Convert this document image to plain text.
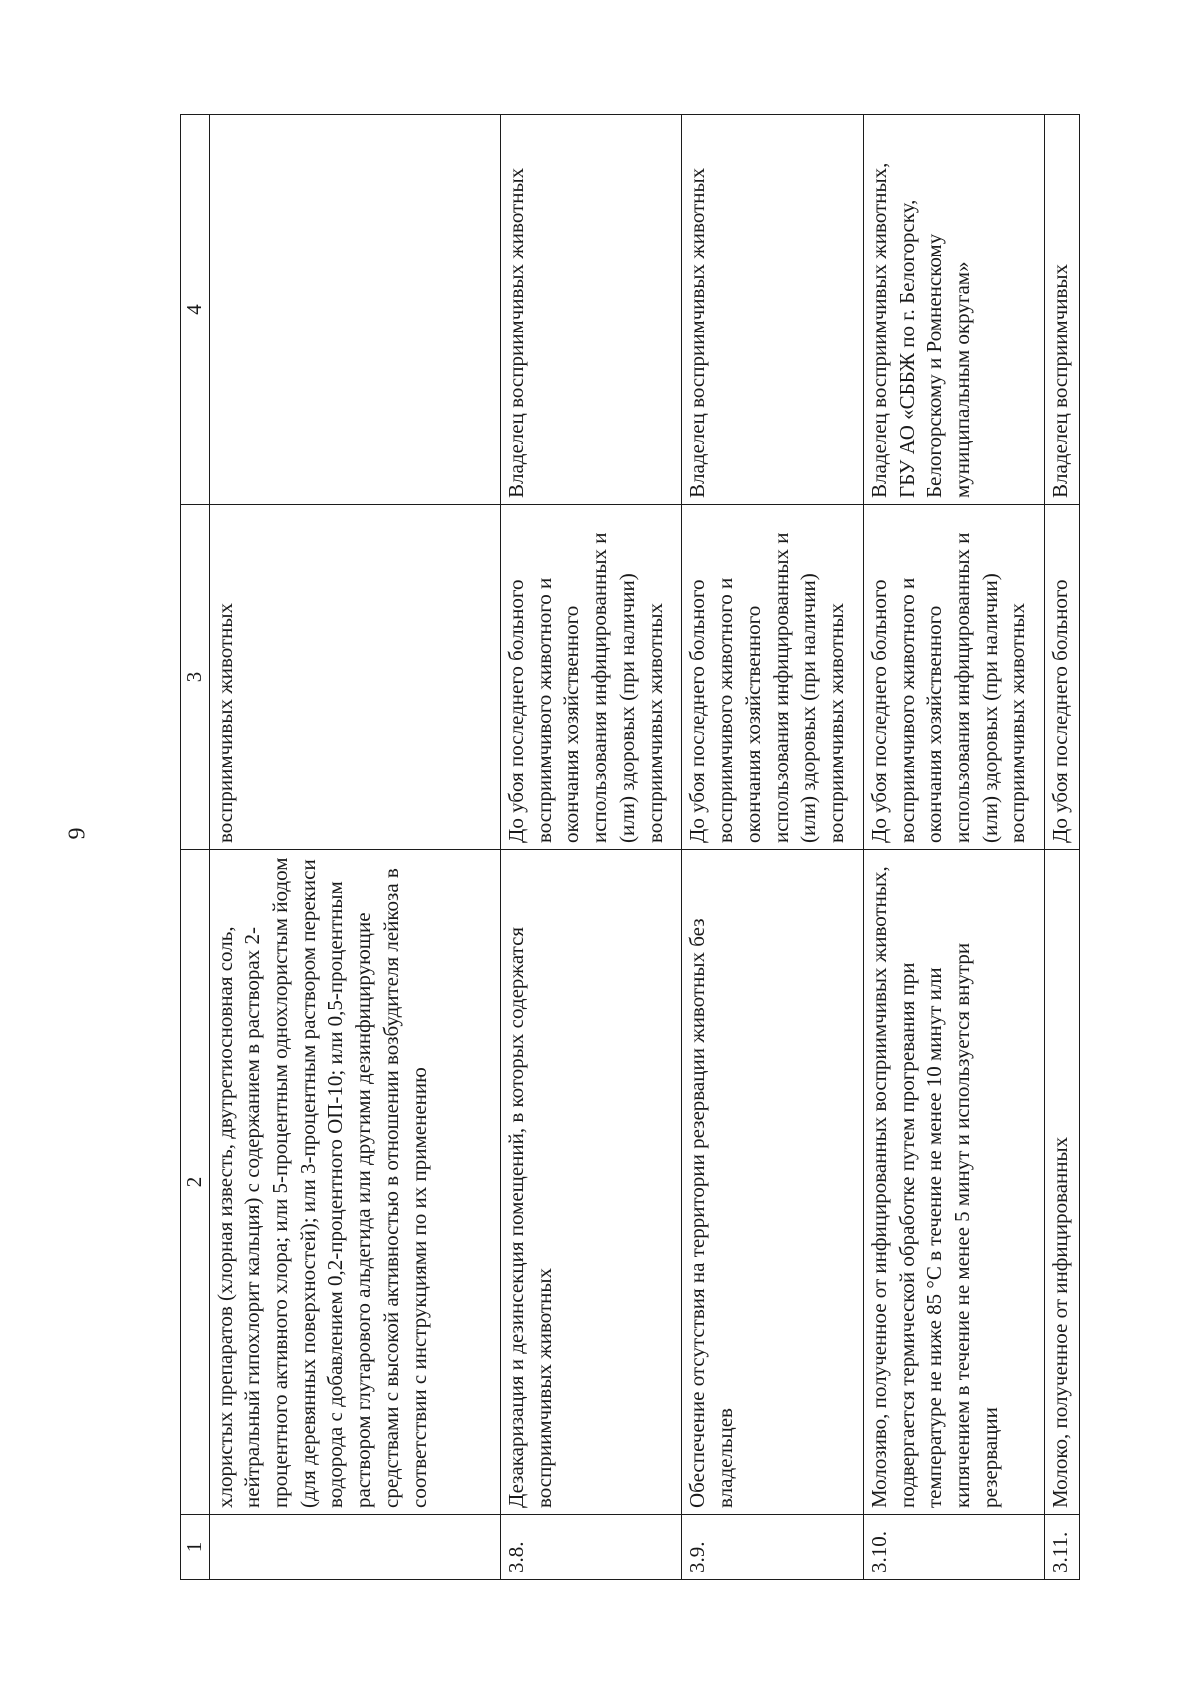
9
1	2	3	4
	хлористых препаратов (хлорная известь, двутретиосновная соль, нейтральный гипохлорит кальция) с содержанием в растворах 2-процентного активного хлора; или 5-процентным однохлористым йодом (для деревянных поверхностей); или 3-процентным раствором перекиси водорода с добавлением 0,2-процентного ОП-10; или 0,5-процентным раствором глутарового альдегида или другими дезинфицирующие средствами с высокой активностью в отношении возбудителя лейкоза в соответствии с инструкциями по их применению	восприимчивых животных	
3.8.	Дезакаризация и дезинсекция помещений, в которых содержатся восприимчивых животных	До убоя последнего больного восприимчивого животного и окончания хозяйственного использования инфицированных и (или) здоровых (при наличии) восприимчивых животных	Владелец восприимчивых животных
3.9.	Обеспечение отсутствия на территории резервации животных без владельцев	До убоя последнего больного восприимчивого животного и окончания хозяйственного использования инфицированных и (или) здоровых (при наличии) восприимчивых животных	Владелец восприимчивых животных
3.10.	Молозиво, полученное от инфицированных восприимчивых животных, подвергается термической обработке путем прогревания при температуре не ниже 85 °С в течение не менее 10 минут или кипячением в течение не менее 5 минут и используется внутри резервации	До убоя последнего больного восприимчивого животного и окончания хозяйственного использования инфицированных и (или) здоровых (при наличии) восприимчивых животных	Владелец восприимчивых животных, ГБУ АО «СББЖ по г. Белогорску, Белогорскому и Ромненскому муниципальным округам»
3.11.	Молоко, полученное от инфицированных	До убоя последнего больного	Владелец восприимчивых
